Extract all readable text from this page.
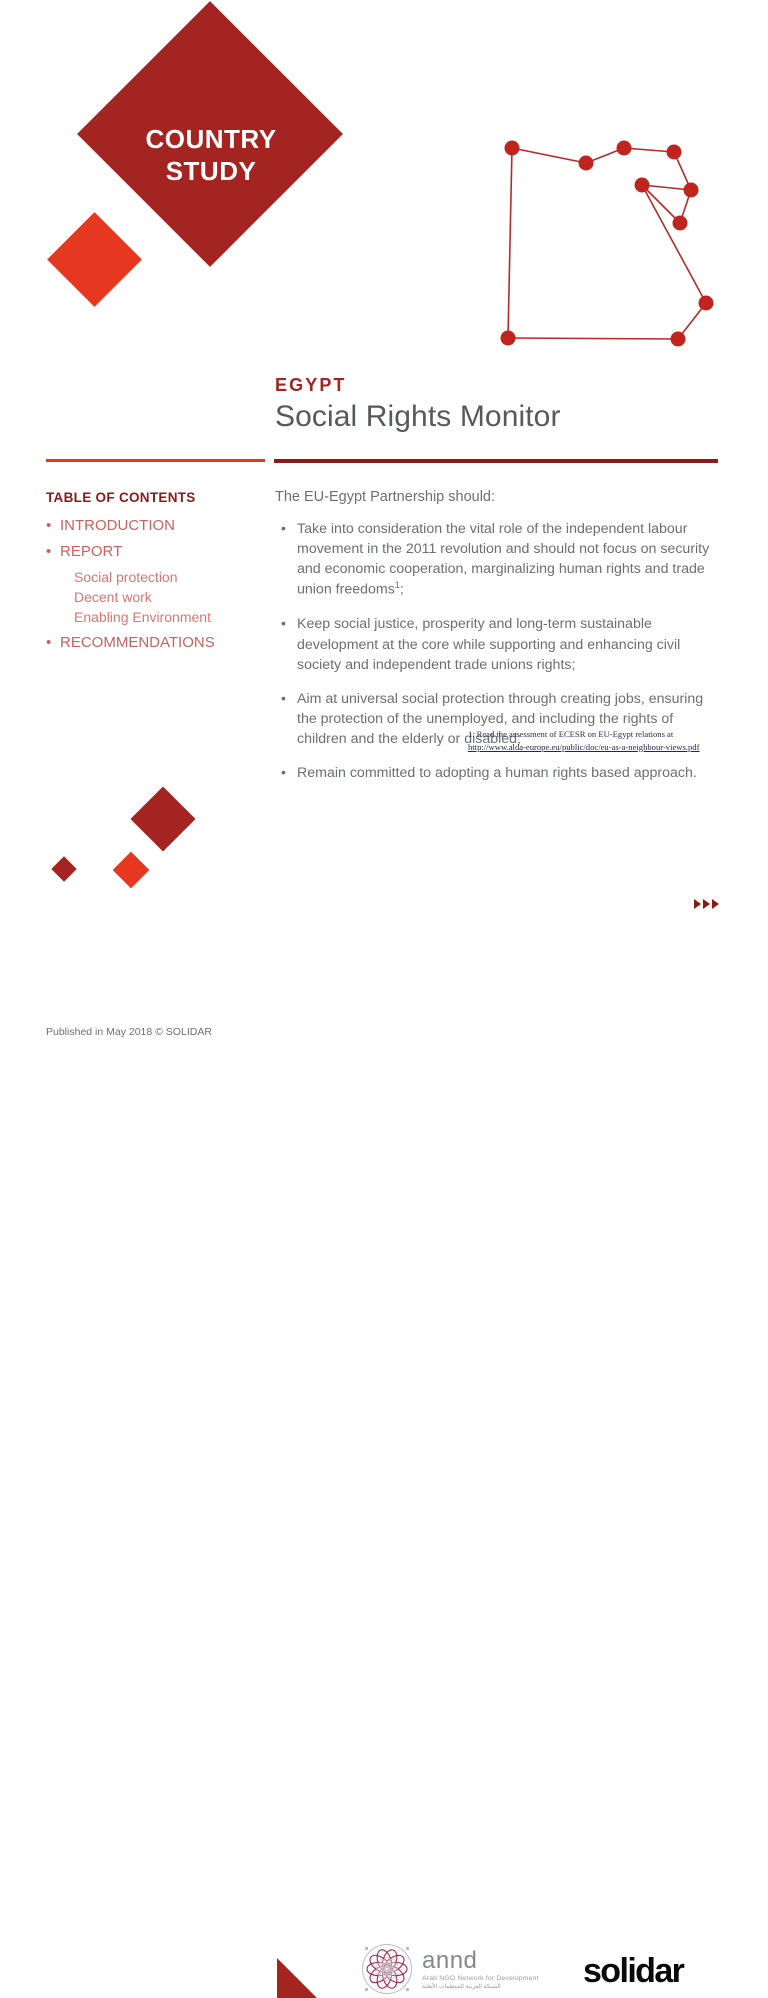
COUNTRY
STUDY

EGYPT

Social Rights Monitor

TABLE OF CONTENTS

• INTRODUCTION
• REPORT
Social protection
Decent work
Enabling Environment
• RECOMMENDATIONS

The EU-Egypt Partnership should:

• Take into consideration the vital role of the independent labour movement in the 2011 revolution and should not focus on security and economic cooperation, marginalizing human rights and trade union freedoms$^1$;

• Keep social justice, prosperity and long-term sustainable development at the core while supporting and enhancing civil society and independent trade unions rights;

• Aim at universal social protection through creating jobs, ensuring the protection of the unemployed, and including the rights of children and the elderly or disabled;

• Remain committed to adopting a human rights based approach.

1. Read the assessment of ECESR on EU-Egypt relations at
http://www.alda-europe.eu/public/doc/eu-as-a-neighbour-views.pdf
annd
Arab NGO Network for Development
الشبكة العربية للمنظمات الأهلية	solidar
Published in May 2018 © SOLIDAR
